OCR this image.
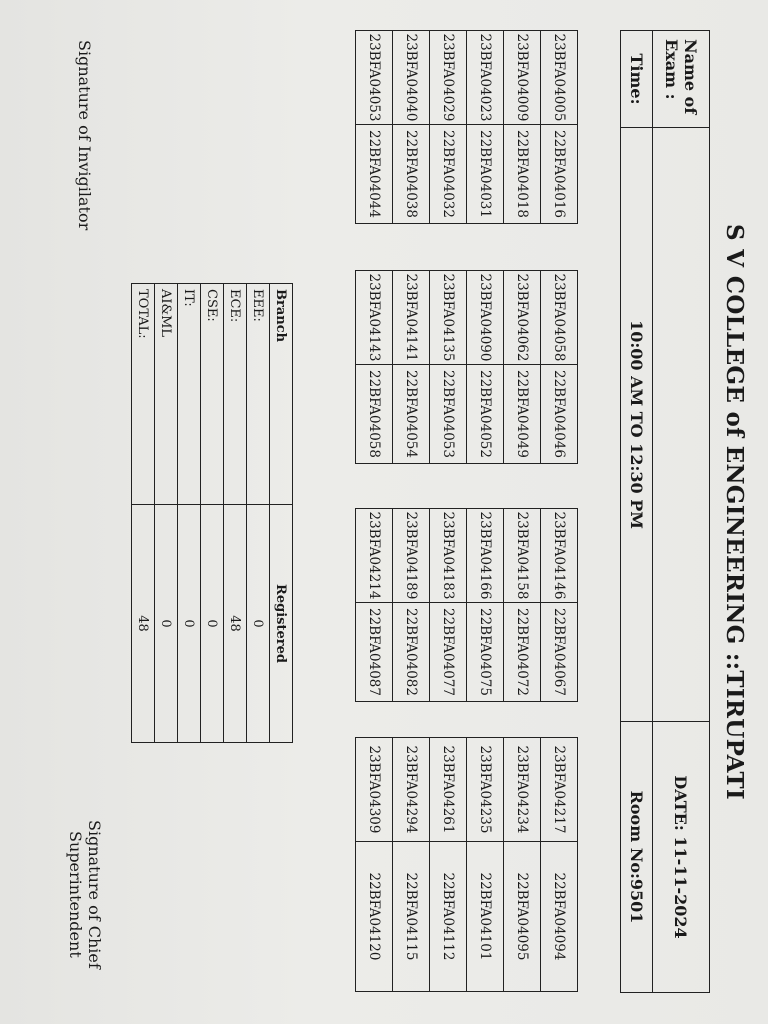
S V COLLEGE of ENGINEERING ::TIRUPATI
Name of Exam :		DATE: 11-11-2024
Time:	10:00 AM TO 12:30 PM	Room No:9501
23BFA04005	22BFA04016
23BFA04009	22BFA04018
23BFA04023	22BFA04031
23BFA04029	22BFA04032
23BFA04040	22BFA04038
23BFA04053	22BFA04044
23BFA04058	22BFA04046
23BFA04062	22BFA04049
23BFA04090	22BFA04052
23BFA04135	22BFA04053
23BFA04141	22BFA04054
23BFA04143	22BFA04058
23BFA04146	22BFA04067
23BFA04158	22BFA04072
23BFA04166	22BFA04075
23BFA04183	22BFA04077
23BFA04189	22BFA04082
23BFA04214	22BFA04087
23BFA04217	22BFA04094
23BFA04234	22BFA04095
23BFA04235	22BFA04101
23BFA04261	22BFA04112
23BFA04294	22BFA04115
23BFA04309	22BFA04120
Branch	Registered
EEE:	0
ECE:	48
CSE:	0
IT:	0
AI&ML	0
TOTAL:	48
Signature of Invigilator
Signature of Chief
Superintendent
